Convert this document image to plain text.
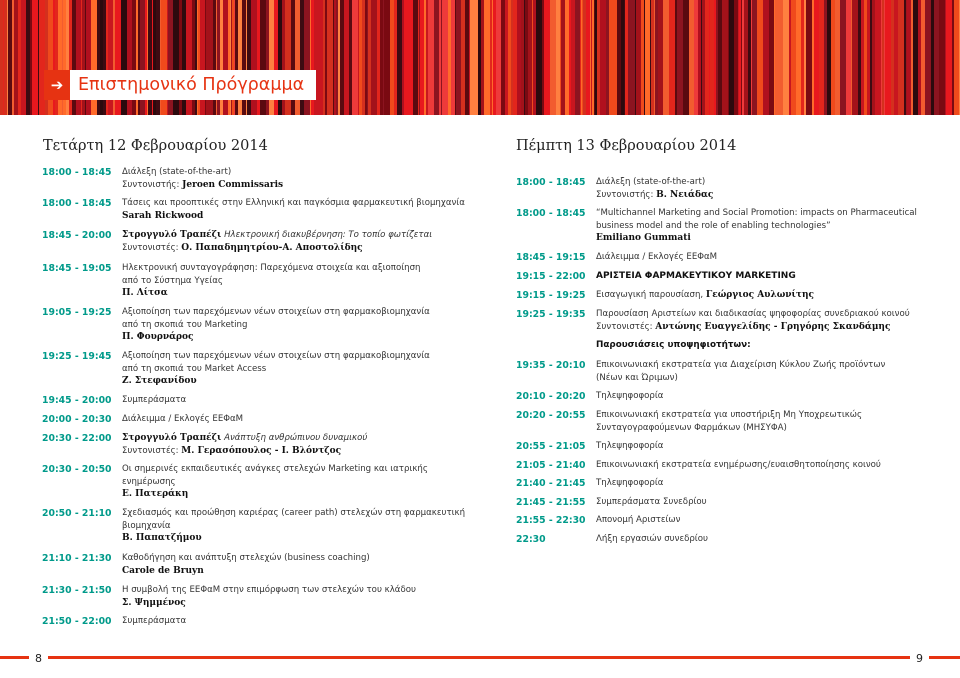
➔ Επιστημονικό Πρόγραμμα
Τετάρτη 12 Φεβρουαρίου 2014	Πέμπτη 13 Φεβρουαρίου 2014
18:00 - 18:45 Διάλεξη (state-of-the-art)
Συντονιστής: Jeroen Commissaris
18:00 - 18:45 Τάσεις και προοπτικές στην Ελληνική και παγκόσμια φαρμακευτική βιομηχανία
Sarah Rickwood
18:45 - 20:00 Στρογγυλό Τραπέζι Ηλεκτρονική διακυβέρνηση: Το τοπίο φωτίζεται
Συντονιστές: Ο. Παπαδημητρίου-Α. Αποστολίδης
18:45 - 19:05 Ηλεκτρονική συνταγογράφηση: Παρεχόμενα στοιχεία και αξιοποίηση
από το Σύστημα Υγείας
Π. Λίτσα
19:05 - 19:25 Αξιοποίηση των παρεχόμενων νέων στοιχείων στη φαρμακοβιομηχανία
από τη σκοπιά του Marketing
Π. Φουρνάρος
19:25 - 19:45 Αξιοποίηση των παρεχόμενων νέων στοιχείων στη φαρμακοβιομηχανία
από τη σκοπιά του Market Access
Ζ. Στεφανίδου
19:45 - 20:00 Συμπεράσματα
20:00 - 20:30 Διάλειμμα / Εκλογές ΕΕΦαΜ
20:30 - 22:00 Στρογγυλό Τραπέζι Ανάπτυξη ανθρώπινου δυναμικού
Συντονιστές: Μ. Γερασόπουλος - Ι. Βλόντζος
20:30 - 20:50 Οι σημερινές εκπαιδευτικές ανάγκες στελεχών Marketing και ιατρικής
ενημέρωσης
Ε. Πατεράκη
20:50 - 21:10 Σχεδιασμός και προώθηση καριέρας (career path) στελεχών στη φαρμακευτική
βιομηχανία
Β. Παπατζήμου
21:10 - 21:30 Καθοδήγηση και ανάπτυξη στελεχών (business coaching)
Carole de Bruyn
21:30 - 21:50 Η συμβολή της ΕΕΦαΜ στην επιμόρφωση των στελεχών του κλάδου
Σ. Ψημμένος
21:50 - 22:00 Συμπεράσματα
18:00 - 18:45 Διάλεξη (state-of-the-art)
Συντονιστής: Β. Νειάδας
18:00 - 18:45 “Multichannel Marketing and Social Promotion: impacts on Pharmaceutical
business model and the role of enabling technologies”
Emiliano Gummati
18:45 - 19:15 Διάλειμμα / Εκλογές ΕΕΦαΜ
19:15 - 22:00 ΑΡΙΣΤΕΙΑ ΦΑΡΜΑΚΕΥΤΙΚΟΥ MARKETING
19:15 - 19:25 Εισαγωγική παρουσίαση, Γεώργιος Αυλωνίτης
19:25 - 19:35 Παρουσίαση Αριστείων και διαδικασίας ψηφοφορίας συνεδριακού κοινού
Συντονιστές: Αντώνης Ευαγγελίδης - Γρηγόρης Σκανδάμης
Παρουσιάσεις υποψηφιοτήτων:
19:35 - 20:10 Επικοινωνιακή εκστρατεία για Διαχείριση Κύκλου Ζωής προϊόντων
(Νέων και Ώριμων)
20:10 - 20:20 Τηλεψηφοφορία
20:20 - 20:55 Επικοινωνιακή εκστρατεία για υποστήριξη Μη Υποχρεωτικώς
Συνταγογραφούμενων Φαρμάκων (ΜΗΣΥΦΑ)
20:55 - 21:05 Τηλεψηφοφορία
21:05 - 21:40 Επικοινωνιακή εκστρατεία ενημέρωσης/ευαισθητοποίησης κοινού
21:40 - 21:45 Τηλεψηφοφορία
21:45 - 21:55 Συμπεράσματα Συνεδρίου
21:55 - 22:30 Απονομή Αριστείων
22:30	Λήξη εργασιών συνεδρίου
8	9
